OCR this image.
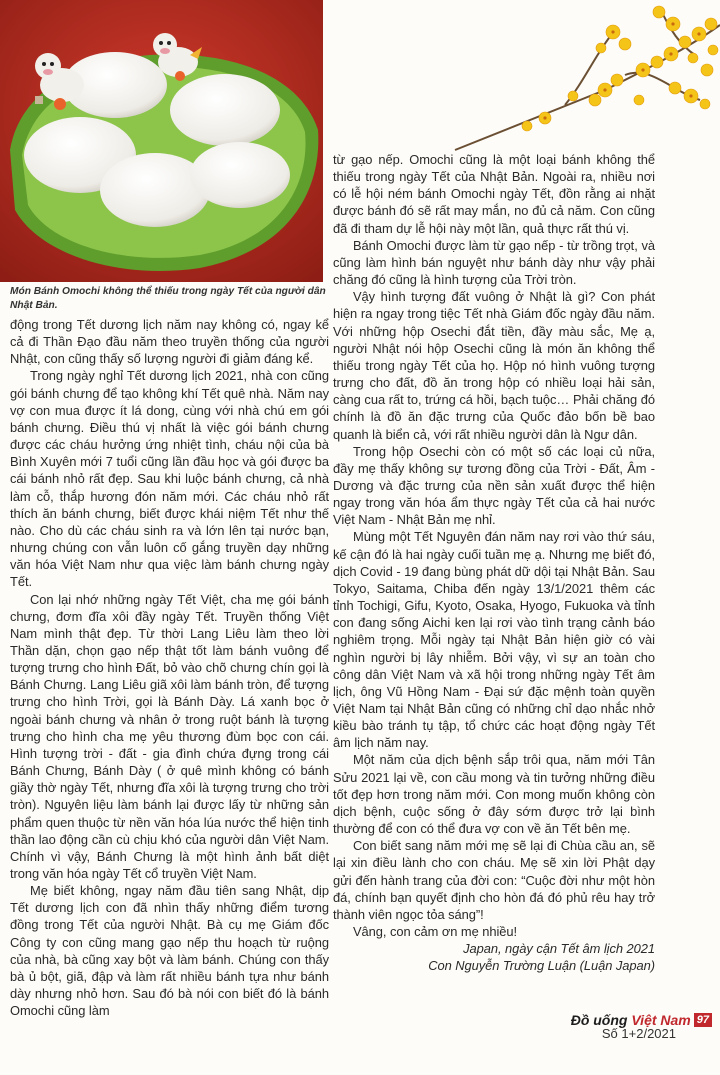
Món Bánh Omochi không thể thiếu trong ngày Tết của người dân Nhật Bản.

động trong Tết dương lịch năm nay không có, ngay kể cả đi Thần Đạo đầu năm theo truyền thống của người Nhật, con cũng thấy số lượng người đi giảm đáng kể.

Trong ngày nghỉ Tết dương lịch 2021, nhà con cũng gói bánh chưng để tạo không khí Tết quê nhà. Năm nay vợ con mua được ít lá dong, cùng với nhà chú em gói bánh chưng. Điều thú vị nhất là việc gói bánh chưng được các cháu hưởng ứng nhiệt tình, cháu nội của bà Bình Xuyên mới 7 tuổi cũng lần đầu học và gói được ba cái bánh nhỏ rất đẹp. Sau khi luộc bánh chưng, cả nhà làm cỗ, thắp hương đón năm mới. Các cháu nhỏ rất thích ăn bánh chưng, biết được khái niệm Tết như thế nào. Cho dù các cháu sinh ra và lớn lên tại nước bạn, nhưng chúng con vẫn luôn cố gắng truyền dạy những văn hóa Việt Nam như qua việc làm bánh chưng ngày Tết.

Con lại nhớ những ngày Tết Việt, cha mẹ gói bánh chưng, đơm đĩa xôi đầy ngày Tết. Truyền thống Việt Nam mình thật đẹp. Từ thời Lang Liêu làm theo lời Thần dặn, chọn gạo nếp thật tốt làm bánh vuông để tượng trưng cho hình Đất, bỏ vào chõ chưng chín gọi là Bánh Chưng. Lang Liêu giã xôi làm bánh tròn, để tượng trưng cho hình Trời, gọi là Bánh Dày. Lá xanh bọc ở ngoài bánh chưng và nhân ở trong ruột bánh là tượng trưng cho hình cha mẹ yêu thương đùm bọc con cái. Hình tượng trời - đất - gia đình chứa đựng trong cái Bánh Chưng, Bánh Dày ( ở quê mình không có bánh giầy thờ ngày Tết, nhưng đĩa xôi là tượng trưng cho trời tròn). Nguyên liệu làm bánh lại được lấy từ những sản phẩm quen thuộc từ nền văn hóa lúa nước thể hiện tinh thần lao động cần cù chịu khó của người dân Việt Nam. Chính vì vậy, Bánh Chưng là một hình ảnh bất diệt trong văn hóa ngày Tết cổ truyền Việt Nam.

Mẹ biết không, ngay năm đầu tiên sang Nhật, dịp Tết dương lịch con đã nhìn thấy những điểm tương đồng trong Tết của người Nhật. Bà cụ mẹ Giám đốc Công ty con cũng mang gạo nếp thu hoạch từ ruộng của nhà, bà cũng xay bột và làm bánh. Chúng con thấy bà ủ bột, giã, đập và làm rất nhiều bánh tựa như bánh dày nhưng nhỏ hơn. Sau đó bà nói con biết đó là bánh Omochi cũng làm

từ gạo nếp. Omochi cũng là một loại bánh không thể thiếu trong ngày Tết của Nhật Bản. Ngoài ra, nhiều nơi có lễ hội ném bánh Omochi ngày Tết, đồn rằng ai nhặt được bánh đó sẽ rất may mắn, no đủ cả năm. Con cũng đã đi tham dự lễ hội này một lần, quả thực rất thú vị.

Bánh Omochi được làm từ gạo nếp - từ trồng trọt, và cũng làm hình bán nguyệt như bánh dày như vậy phải chăng đó cũng là hình tượng của Trời tròn.

Vậy hình tượng đất vuông ở Nhật là gì? Con phát hiện ra ngay trong tiệc Tết nhà Giám đốc ngày đầu năm. Với những hộp Osechi đắt tiền, đầy màu sắc, Mẹ ạ, người Nhật nói hộp Osechi cũng là món ăn không thể thiếu trong ngày Tết của họ. Hộp nó hình vuông tượng trưng cho đất, đồ ăn trong hộp có nhiều loại hải sản, càng cua rất to, trứng cá hồi, bạch tuộc… Phải chăng đó chính là đồ ăn đặc trưng của Quốc đảo bốn bề bao quanh là biển cả, với rất nhiều người dân là Ngư dân.

Trong hộp Osechi còn có một số các loại củ nữa, đầy mẹ thấy không sự tương đồng của Trời - Đất, Âm - Dương và đặc trưng của nền sản xuất được thể hiện ngay trong văn hóa ẩm thực ngày Tết của cả hai nước Việt Nam - Nhật Bản mẹ nhỉ.

Mùng một Tết Nguyên đán năm nay rơi vào thứ sáu, kế cận đó là hai ngày cuối tuần mẹ ạ. Nhưng mẹ biết đó, dịch Covid - 19 đang bùng phát dữ dội tại Nhật Bản. Sau Tokyo, Saitama, Chiba đến ngày 13/1/2021 thêm các tỉnh Tochigi, Gifu, Kyoto, Osaka, Hyogo, Fukuoka và tỉnh con đang sống Aichi ken lại rơi vào tình trạng cảnh báo nghiêm trọng. Mỗi ngày tại Nhật Bản hiện giờ có vài nghìn người bị lây nhiễm. Bởi vậy, vì sự an toàn cho công dân Việt Nam và xã hội trong những ngày Tết âm lịch, ông Vũ Hồng Nam - Đại sứ đặc mệnh toàn quyền Việt Nam tại Nhật Bản cũng có những chỉ dạo nhắc nhở kiều bào tránh tụ tập, tổ chức các hoạt động ngày Tết âm lịch năm nay.

Một năm của dịch bệnh sắp trôi qua, năm mới Tân Sửu 2021 lại về, con cầu mong và tin tưởng những điều tốt đẹp hơn trong năm mới. Con mong muốn không còn dịch bệnh, cuộc sống ở đây sớm được trở lại bình thường để con có thể đưa vợ con về ăn Tết bên mẹ.

Con biết sang năm mới mẹ sẽ lại đi Chùa cầu an, sẽ lại xin điều lành cho con cháu. Mẹ sẽ xin lời Phật dạy gửi đến hành trang của đời con: “Cuộc đời như một hòn đá, chính bạn quyết định cho hòn đá đó phủ rêu hay trở thành viên ngọc tỏa sáng”!

Vâng, con cảm ơn mẹ nhiều!

Japan, ngày cận Tết âm lịch 2021

Con Nguyễn Trường Luận (Luận Japan)

Đồ uống Việt Nam 97
Số 1+2/2021
